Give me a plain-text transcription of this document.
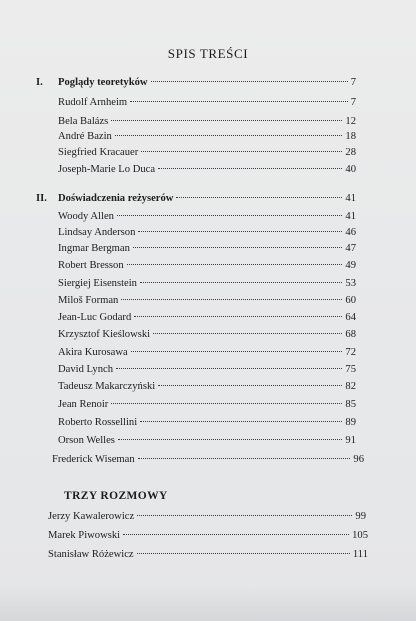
SPIS TREŚCI
I.	Poglądy teoretyków	7
Rudolf Arnheim	7
Bela Balázs	12
André Bazin	18
Siegfried Kracauer	28
Joseph-Marie Lo Duca	40
II.	Doświadczenia reżyserów	41
Woody Allen	41
Lindsay Anderson	46
Ingmar Bergman	47
Robert Bresson	49
Siergiej Eisenstein	53
Miloš Forman	60
Jean-Luc Godard	64
Krzysztof Kieślowski	68
Akira Kurosawa	72
David Lynch	75
Tadeusz Makarczyński	82
Jean Renoir	85
Roberto Rossellini	89
Orson Welles	91
Frederick Wiseman	96
TRZY ROZMOWY
Jerzy Kawalerowicz	99
Marek Piwowski	105
Stanisław Różewicz	111
